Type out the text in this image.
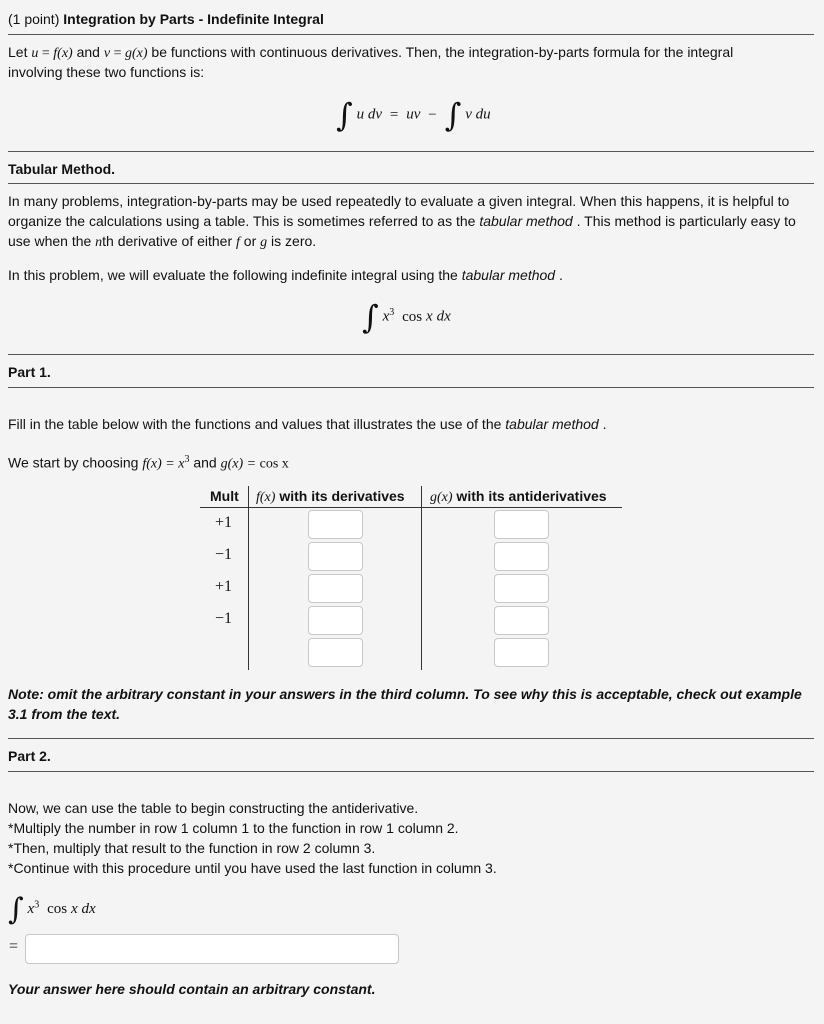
(1 point) Integration by Parts - Indefinite Integral
Let u = f(x) and v = g(x) be functions with continuous derivatives. Then, the integration-by-parts formula for the integral
involving these two functions is:
∫ u dv = uv − ∫ v du
Tabular Method.
In many problems, integration-by-parts may be used repeatedly to evaluate a given integral. When this happens, it is helpful to
organize the calculations using a table. This is sometimes referred to as the tabular method . This method is particularly easy to
use when the nth derivative of either f or g is zero.
In this problem, we will evaluate the following indefinite integral using the tabular method .
∫ $x^3$ cos x dx
Part 1.
Fill in the table below with the functions and values that illustrates the use of the tabular method .
We start by choosing $f(x) = x^3$ and g(x) = cos x
Mult f(x) with its derivatives g(x) with its antiderivatives
+1
−1
+1
−1
Note: omit the arbitrary constant in your answers in the third column. To see why this is acceptable, check out example
3.1 from the text.
Part 2.
Now, we can use the table to begin constructing the antiderivative.
*Multiply the number in row 1 column 1 to the function in row 1 column 2.
*Then, multiply that result to the function in row 2 column 3.
*Continue with this procedure until you have used the last function in column 3.
∫ $x^3$ cos x dx
=
Your answer here should contain an arbitrary constant.
